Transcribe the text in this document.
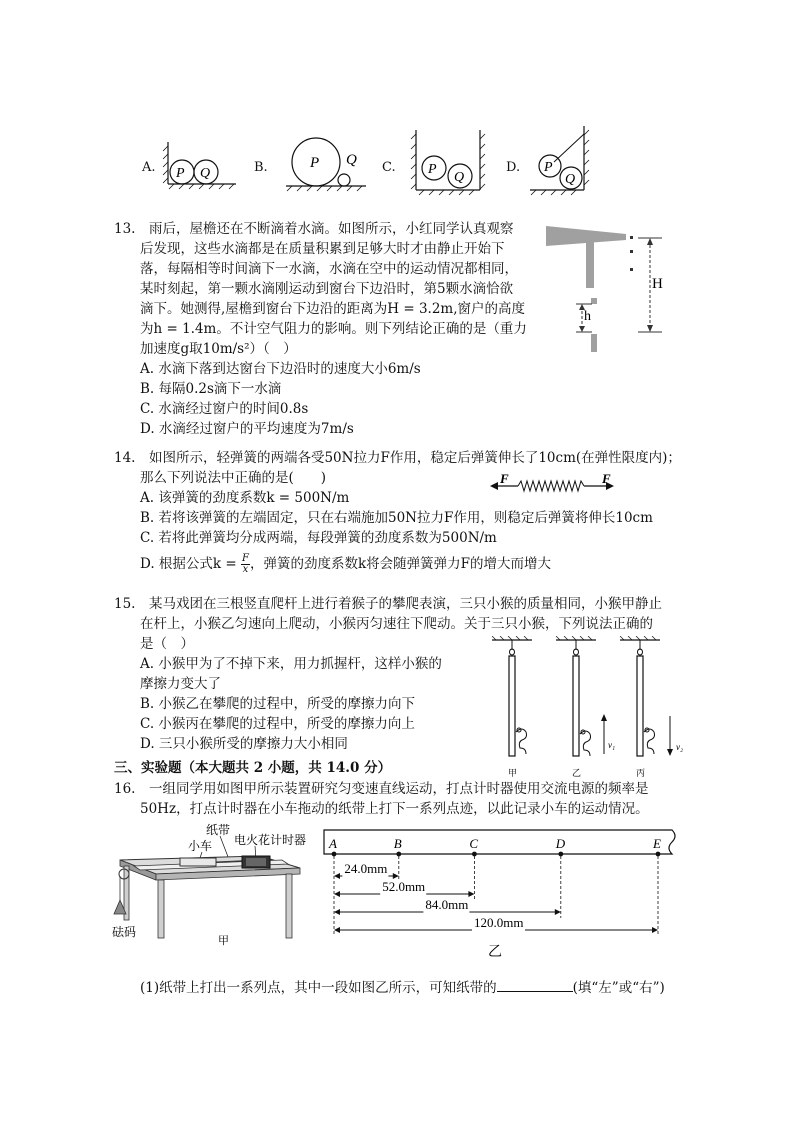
A. P Q	B.	P Q C. P
Q
D. P
Q
13.　雨后，屋檐还在不断滴着水滴。如图所示，小红同学认真观察
后发现，这些水滴都是在质量积累到足够大时才由静止开始下
落，每隔相等时间滴下一水滴，水滴在空中的运动情况都相同，
某时刻起，第一颗水滴刚运动到窗台下边沿时，第5颗水滴恰欲
滴下。她测得,屋檐到窗台下边沿的距离为H = 3.2m,窗户的高度
为h = 1.4m。不计空气阻力的影响。则下列结论正确的是（重力
加速度g取10m/s²）（　）
A. 水滴下落到达窗台下边沿时的速度大小6m/s
B. 每隔0.2s滴下一水滴
C. 水滴经过窗户的时间0.8s
D. 水滴经过窗户的平均速度为7m/s
H
h
14.　如图所示，轻弹簧的两端各受50N拉力F作用，稳定后弹簧伸长了10cm(在弹性限度内)；
那么下列说法中正确的是(　　)
A. 该弹簧的劲度系数k = 500N/m
B. 若将该弹簧的左端固定，只在右端施加50N拉力F作用，则稳定后弹簧将伸长10cm
C. 若将此弹簧均分成两端，每段弹簧的劲度系数为500N/m
D. 根据公式$k = \frac{F}{x}$ ，弹簧的劲度系数k将会随弹簧弹力F的增大而增大
F	F
15.　某马戏团在三根竖直爬杆上进行着猴子的攀爬表演，三只小猴的质量相同，小猴甲静止
在杆上，小猴乙匀速向上爬动，小猴丙匀速往下爬动。关于三只小猴，下列说法正确的
是（　）
A. 小猴甲为了不掉下来，用力抓握杆，这样小猴的
摩擦力变大了
B. 小猴乙在攀爬的过程中，所受的摩擦力向下
C. 小猴丙在攀爬的过程中，所受的摩擦力向上
D. 三只小猴所受的摩擦力大小相同	v₁	v₂
甲	乙	丙
三、实验题（本大题共 2 小题，共 14.0 分）
16.　一组同学用如图甲所示装置研究匀变速直线运动，打点计时器使用交流电源的频率是
50Hz，打点计时器在小车拖动的纸带上打下一系列点迹，以此记录小车的运动情况。
纸带
电火花计时器
小车
砝码
甲
A	B	C	D	E
24.0mm
52.0mm
84.0mm
120.0mm
乙
(1)纸带上打出一系列点，其中一段如图乙所示，可知纸带的	(填“左”或“右”)
